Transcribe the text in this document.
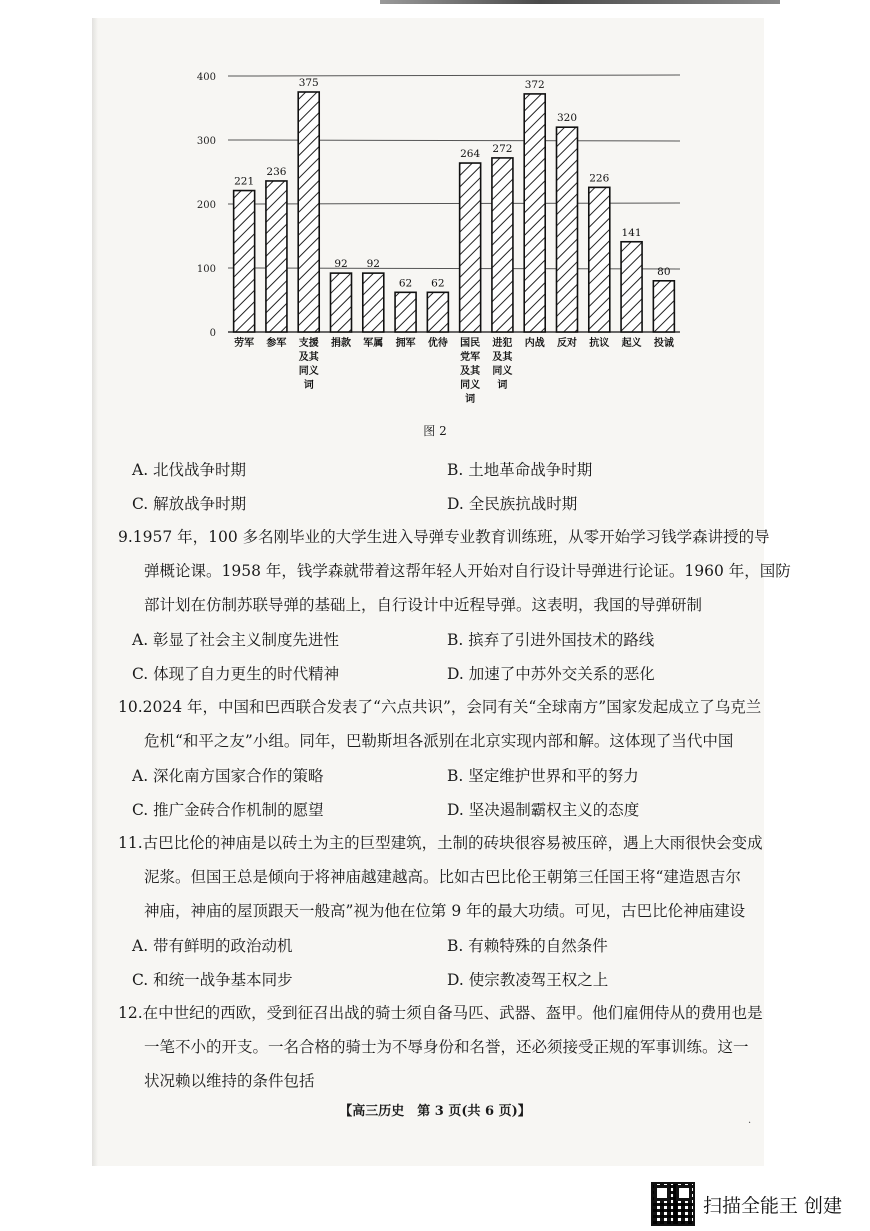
0
100
200
300
400
221
劳军
236
参军
375
支援及其同义词
92
捐款
92
军属
62
拥军
62
优待
264
国民党军及其同义词
272
进犯及其同义词
372
内战
320
反对
226
抗议
141
起义
80
投诚
图 2
A. 北伐战争时期	B. 土地革命战争时期
C. 解放战争时期	D. 全民族抗战时期
9.1957 年，100 多名刚毕业的大学生进入导弹专业教育训练班，从零开始学习钱学森讲授的导
弹概论课。1958 年，钱学森就带着这帮年轻人开始对自行设计导弹进行论证。1960 年，国防
部计划在仿制苏联导弹的基础上，自行设计中近程导弹。这表明，我国的导弹研制
A. 彰显了社会主义制度先进性	B. 摈弃了引进外国技术的路线
C. 体现了自力更生的时代精神	D. 加速了中苏外交关系的恶化
10.2024 年，中国和巴西联合发表了“六点共识”，会同有关“全球南方”国家发起成立了乌克兰
危机“和平之友”小组。同年，巴勒斯坦各派别在北京实现内部和解。这体现了当代中国
A. 深化南方国家合作的策略	B. 坚定维护世界和平的努力
C. 推广金砖合作机制的愿望	D. 坚决遏制霸权主义的态度
11.古巴比伦的神庙是以砖土为主的巨型建筑，土制的砖块很容易被压碎，遇上大雨很快会变成
泥浆。但国王总是倾向于将神庙越建越高。比如古巴比伦王朝第三任国王将“建造恩吉尔
神庙，神庙的屋顶跟天一般高”视为他在位第 9 年的最大功绩。可见，古巴比伦神庙建设
A. 带有鲜明的政治动机	B. 有赖特殊的自然条件
C. 和统一战争基本同步	D. 使宗教凌驾王权之上
12.在中世纪的西欧，受到征召出战的骑士须自备马匹、武器、盔甲。他们雇佣侍从的费用也是
一笔不小的开支。一名合格的骑士为不辱身份和名誉，还必须接受正规的军事训练。这一
状况赖以维持的条件包括
【高三历史　第 3 页(共 6 页)】
·
扫描全能王 创建
